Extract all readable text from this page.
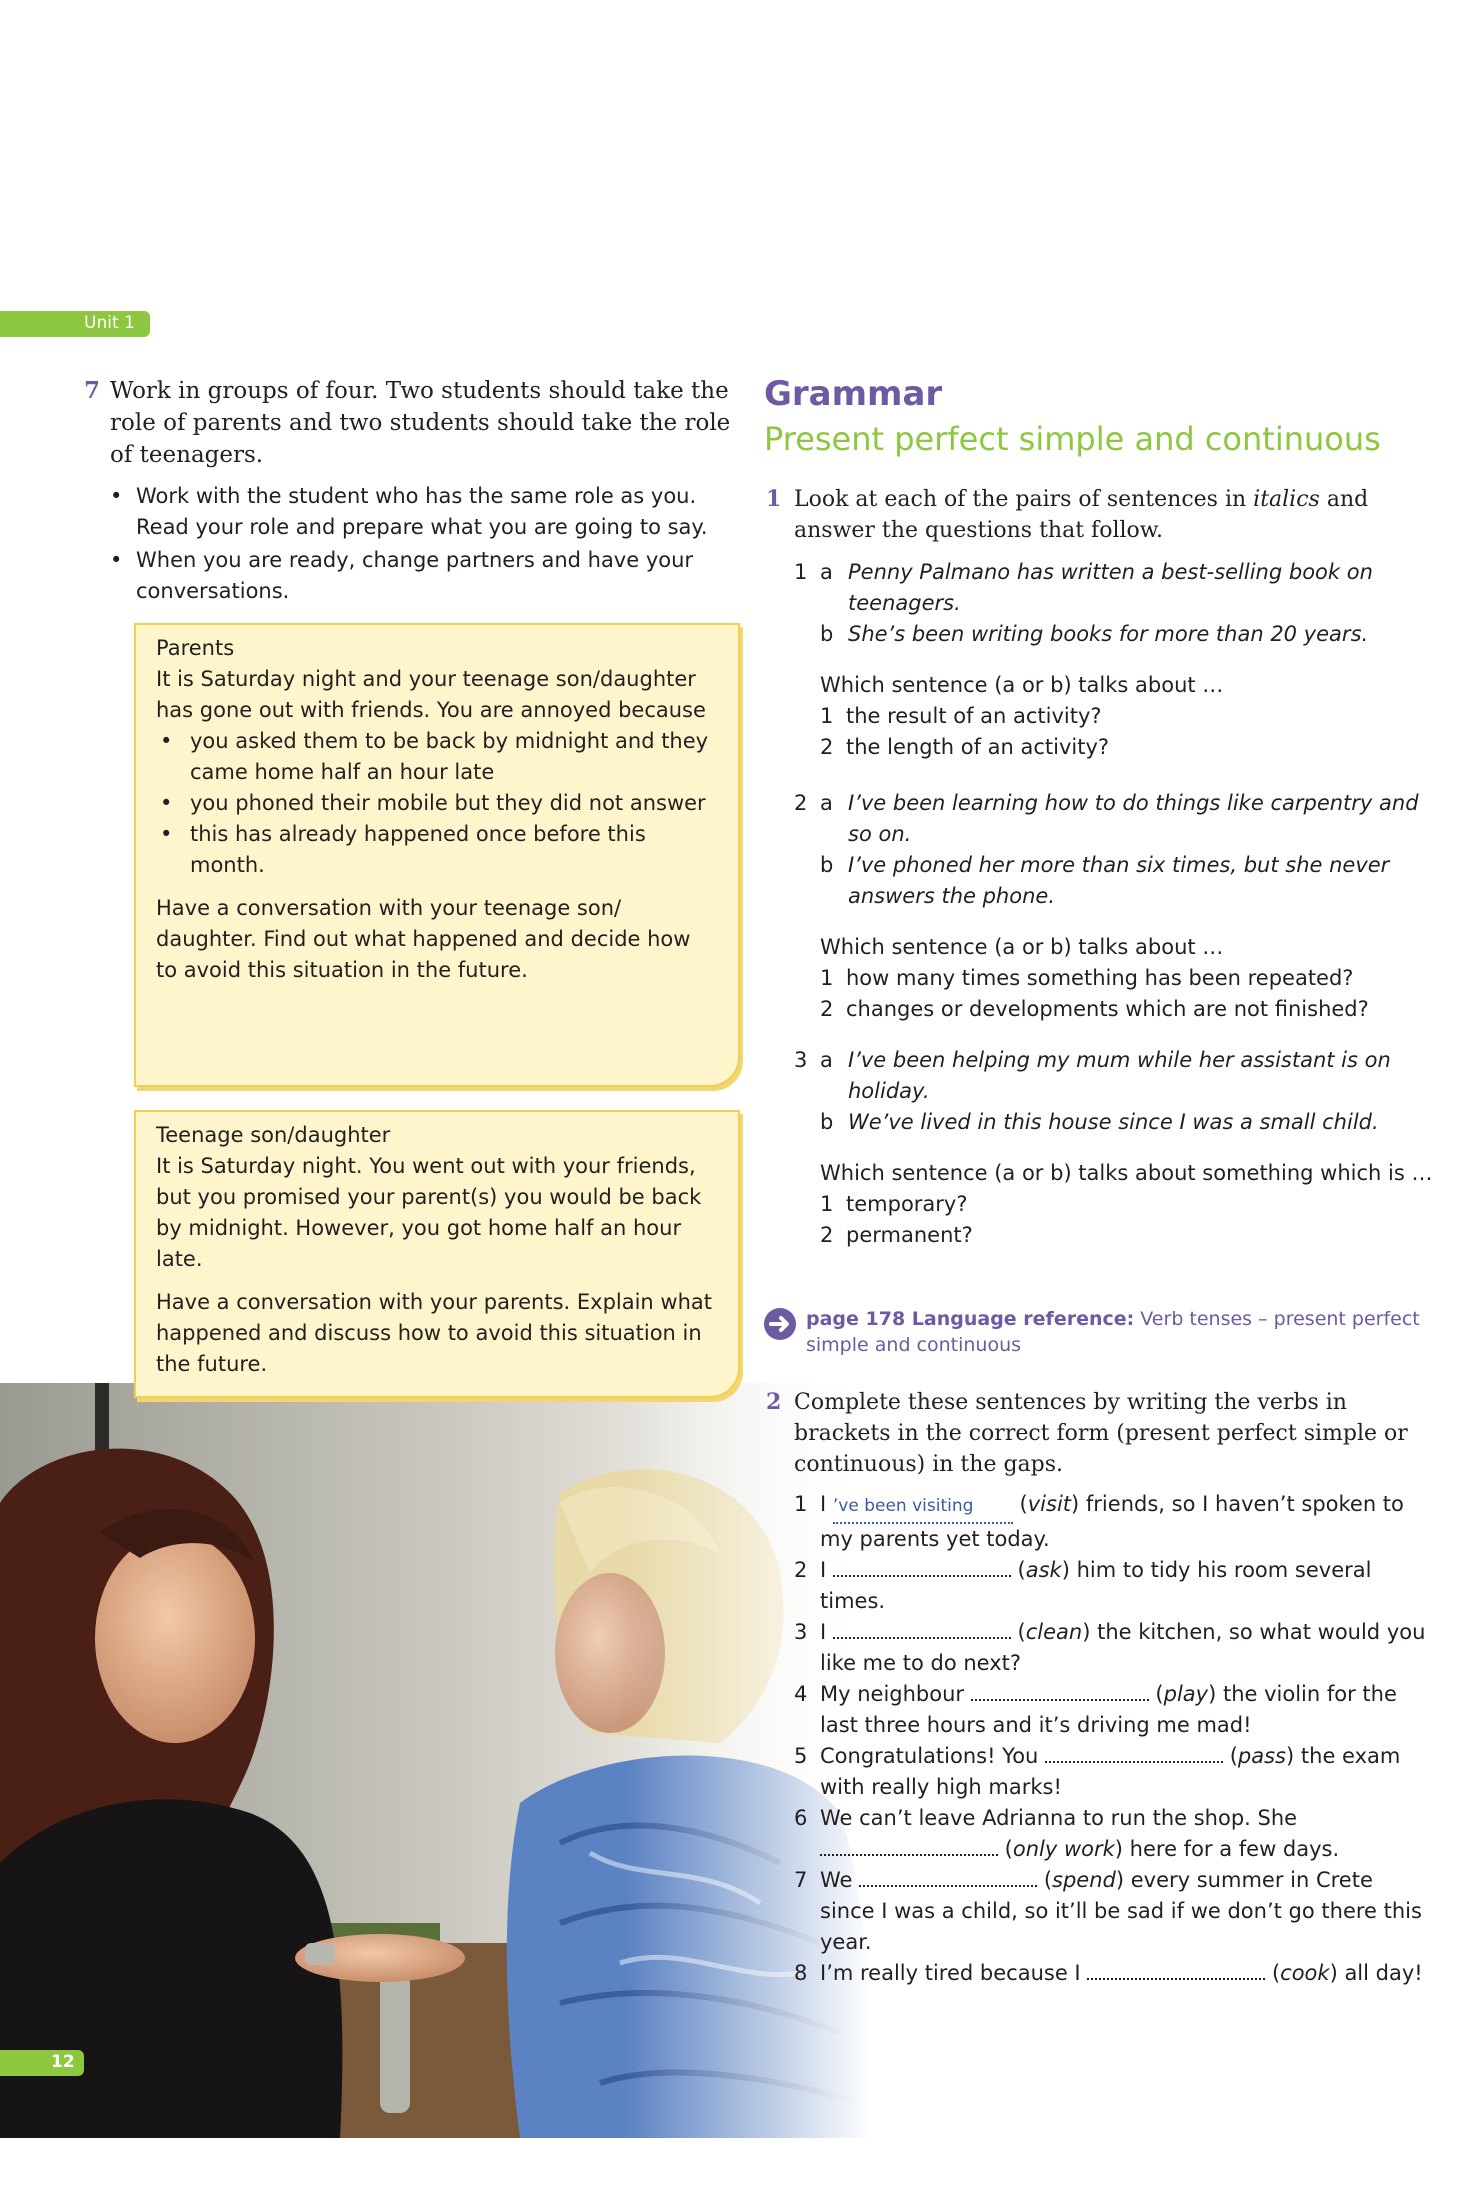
Unit 1
7 Work in groups of four. Two students should take the role of parents and two students should take the role of teenagers.
• Work with the student who has the same role as you. Read your role and prepare what you are going to say.
• When you are ready, change partners and have your conversations.
Parents

It is Saturday night and your teenage son/daughter has gone out with friends. You are annoyed because

• you asked them to be back by midnight and they came home half an hour late
• you phoned their mobile but they did not answer
• this has already happened once before this month.

Have a conversation with your teenage son/ daughter. Find out what happened and decide how to avoid this situation in the future.

Teenage son/daughter

It is Saturday night. You went out with your friends, but you promised your parent(s) you would be back by midnight. However, you got home half an hour late.

Have a conversation with your parents. Explain what happened and discuss how to avoid this situation in the future.

Grammar
Present perfect simple and continuous
1 Look at each of the pairs of sentences in italics and answer the questions that follow.
1 a Penny Palmano has written a best-selling book on teenagers.
b She’s been writing books for more than 20 years.
Which sentence (a or b) talks about …
1 the result of an activity?
2 the length of an activity?
2 a I’ve been learning how to do things like carpentry and so on.
b I’ve phoned her more than six times, but she never answers the phone.
Which sentence (a or b) talks about …
1 how many times something has been repeated?
2 changes or developments which are not finished?
3 a I’ve been helping my mum while her assistant is on holiday.
b We’ve lived in this house since I was a small child.
Which sentence (a or b) talks about something which is …
1 temporary?
2 permanent?
page 178 Language reference: Verb tenses – present perfect simple and continuous
2 Complete these sentences by writing the verbs in brackets in the correct form (present perfect simple or continuous) in the gaps.
1 I ’ve been visiting (visit) friends, so I haven’t spoken to my parents yet today.
2 I	(ask) him to tidy his room several times.
3 I	(clean) the kitchen, so what would you like me to do next?
4 My neighbour	(play) the violin for the last three hours and it’s driving me mad!
5 Congratulations! You	(pass) the exam with really high marks!
6 We can’t leave Adrianna to run the shop. She  (only work) here for a few days.
7 We	(spend) every summer in Crete since I was a child, so it’ll be sad if we don’t go there this year.
8 I’m really tired because I	(cook) all day!
12
